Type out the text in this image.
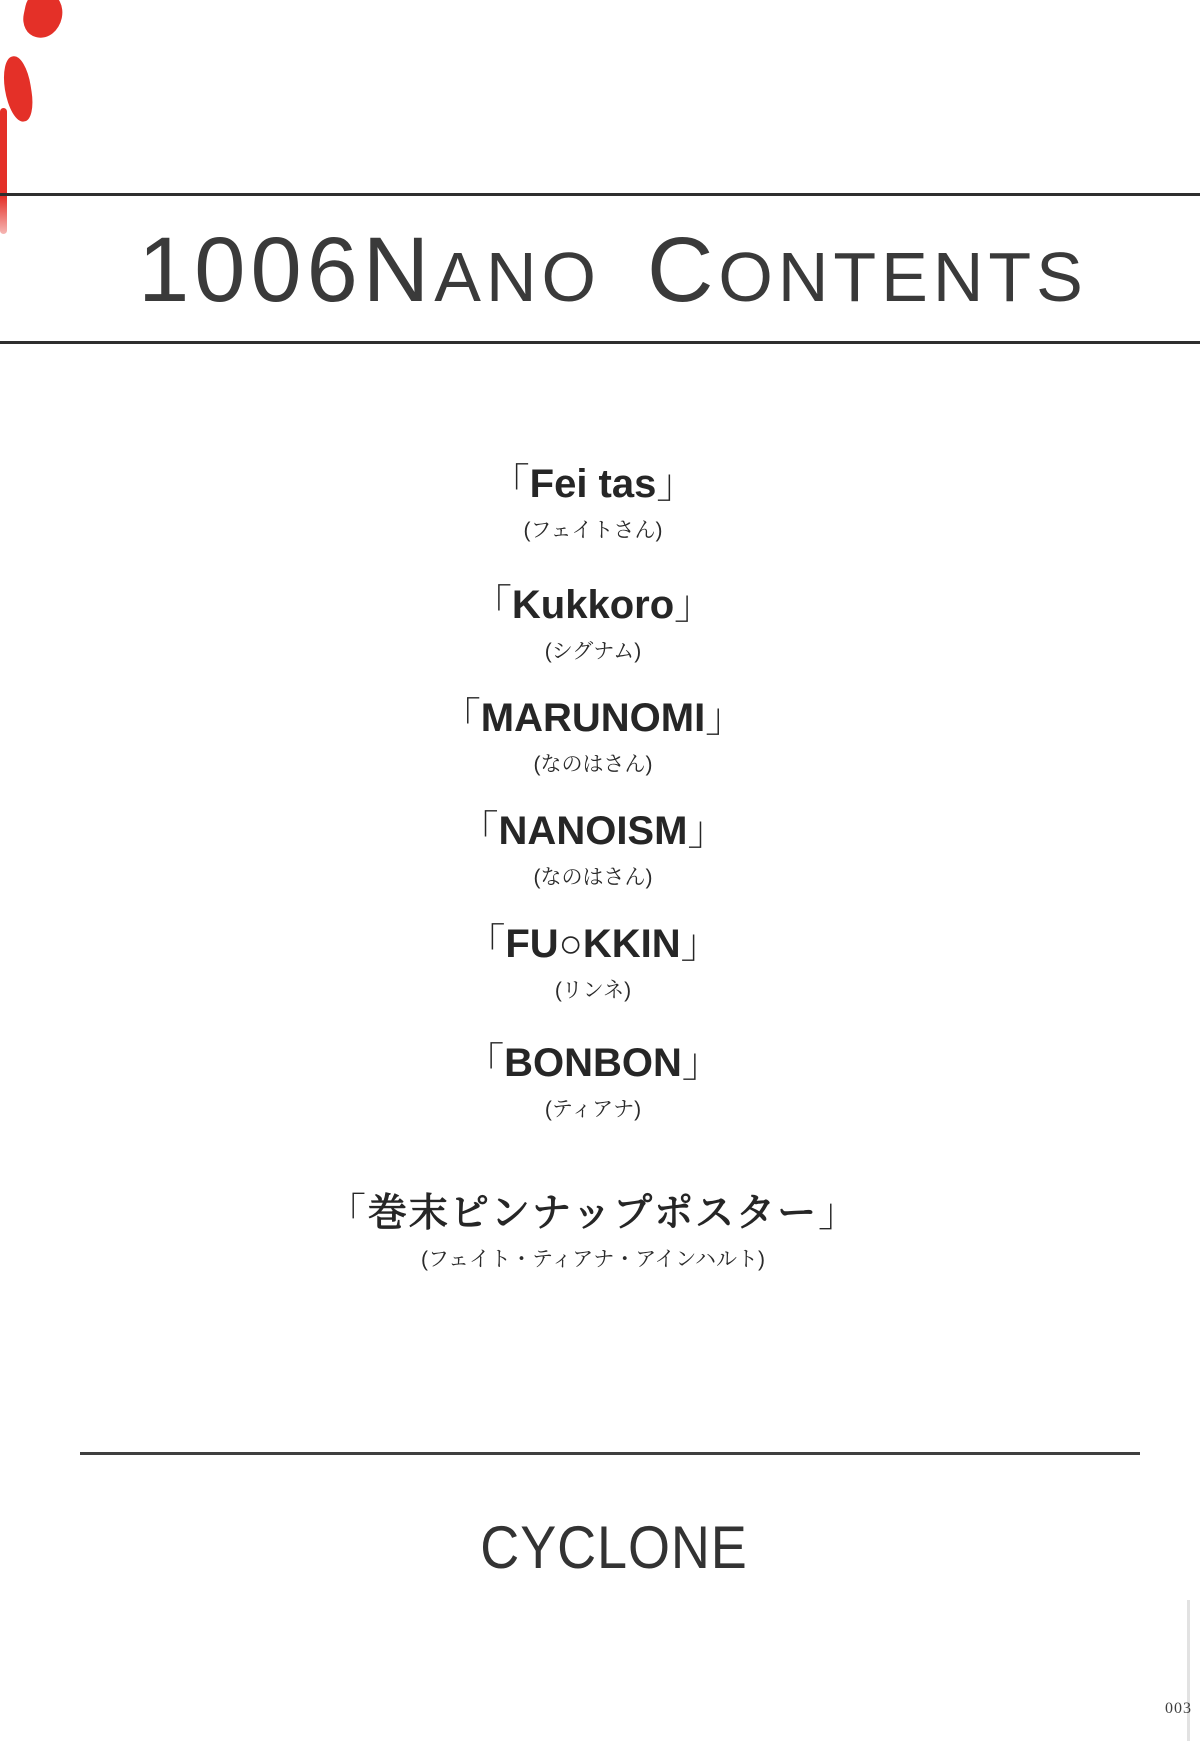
1006NANO CONTENTS
「Fei tas」
(フェイトさん)
「Kukkoro」
(シグナム)
「MARUNOMI」
(なのはさん)
「NANOISM」
(なのはさん)
「FU○KKIN」
(リンネ)
「BONBON」
(ティアナ)
「巻末ピンナップポスター」
(フェイト・ティアナ・アインハルト)
CYCLONE
003
